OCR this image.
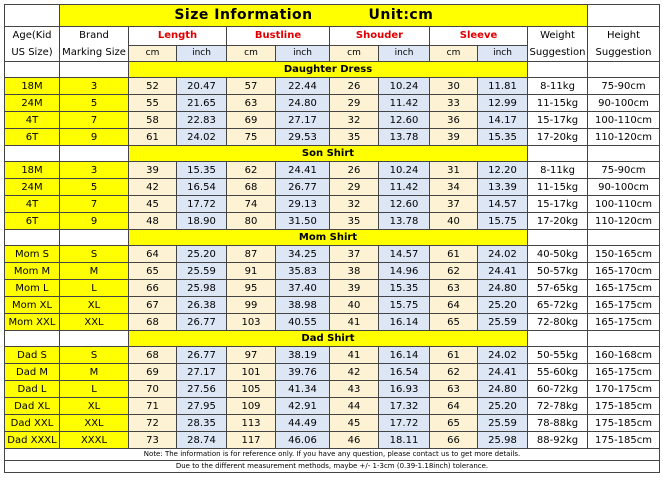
	Size Information Unit:cm										
Age(Kid US Size)	Brand Marking Size	Length		Bustline		Shouder		Sleeve		Weight Suggestion	Height Suggestion
		cm	inch	cm	inch	cm	inch	cm	inch		
		Daughter Dress									
18M	3	52	20.47	57	22.44	26	10.24	30	11.81	8-11kg	75-90cm
24M	5	55	21.65	63	24.80	29	11.42	33	12.99	11-15kg	90-100cm
4T	7	58	22.83	69	27.17	32	12.60	36	14.17	15-17kg	100-110cm
6T	9	61	24.02	75	29.53	35	13.78	39	15.35	17-20kg	110-120cm
		Son Shirt									
18M	3	39	15.35	62	24.41	26	10.24	31	12.20	8-11kg	75-90cm
24M	5	42	16.54	68	26.77	29	11.42	34	13.39	11-15kg	90-100cm
4T	7	45	17.72	74	29.13	32	12.60	37	14.57	15-17kg	100-110cm
6T	9	48	18.90	80	31.50	35	13.78	40	15.75	17-20kg	110-120cm
		Mom Shirt									
Mom S	S	64	25.20	87	34.25	37	14.57	61	24.02	40-50kg	150-165cm
Mom M	M	65	25.59	91	35.83	38	14.96	62	24.41	50-57kg	165-170cm
Mom L	L	66	25.98	95	37.40	39	15.35	63	24.80	57-65kg	165-175cm
Mom XL	XL	67	26.38	99	38.98	40	15.75	64	25.20	65-72kg	165-175cm
Mom XXL	XXL	68	26.77	103	40.55	41	16.14	65	25.59	72-80kg	165-175cm
		Dad Shirt									
Dad S	S	68	26.77	97	38.19	41	16.14	61	24.02	50-55kg	160-168cm
Dad M	M	69	27.17	101	39.76	42	16.54	62	24.41	55-60kg	165-175cm
Dad L	L	70	27.56	105	41.34	43	16.93	63	24.80	60-72kg	170-175cm
Dad XL	XL	71	27.95	109	42.91	44	17.32	64	25.20	72-78kg	175-185cm
Dad XXL	XXL	72	28.35	113	44.49	45	17.72	65	25.59	78-88kg	175-185cm
Dad XXXL	XXXL	73	28.74	117	46.06	46	18.11	66	25.98	88-92kg	175-185cm
Note: The information is for reference only. If you have any question, please contact us to get more details.											
Due to the different measurement methods, maybe +/- 1-3cm (0.39-1.18inch) tolerance.											
